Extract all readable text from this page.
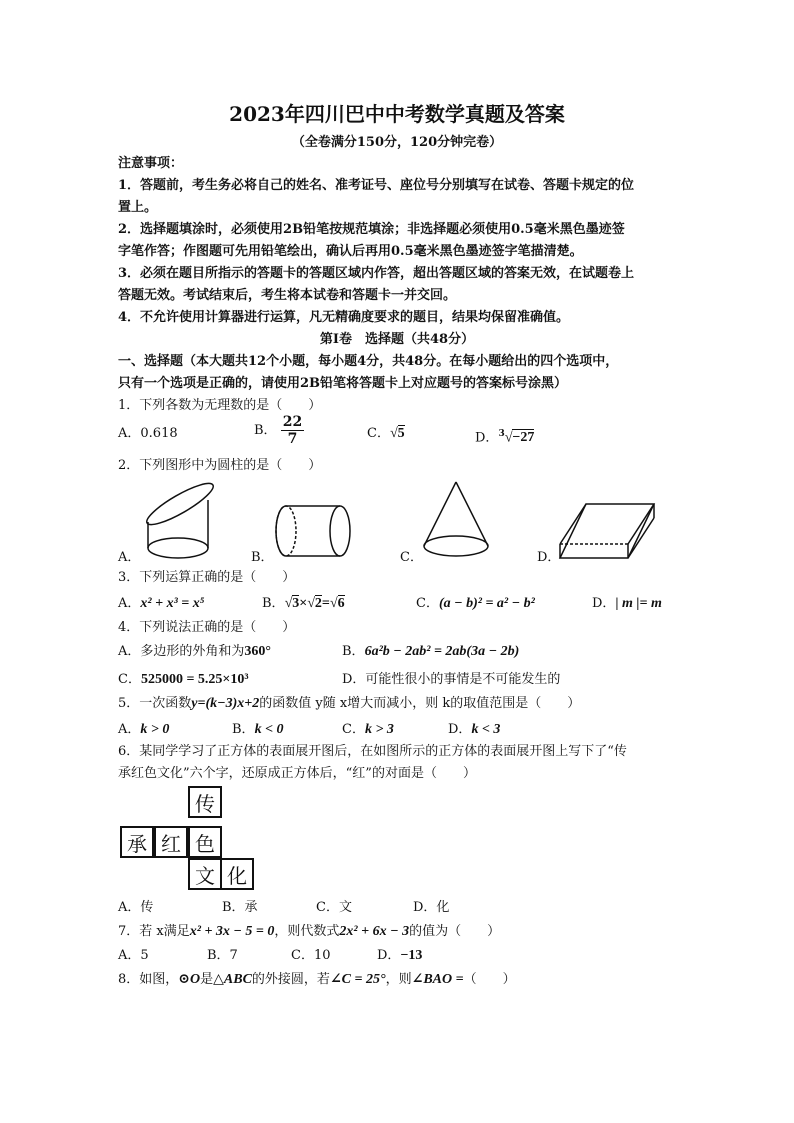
2023年四川巴中中考数学真题及答案
（全卷满分150分，120分钟完卷）
注意事项：
1．答题前，考生务必将自己的姓名、准考证号、座位号分别填写在试卷、答题卡规定的位
置上。
2．选择题填涂时，必须使用2B铅笔按规范填涂；非选择题必须使用0.5毫米黑色墨迹签
字笔作答；作图题可先用铅笔绘出，确认后再用0.5毫米黑色墨迹签字笔描清楚。
3．必须在题目所指示的答题卡的答题区域内作答，超出答题区域的答案无效，在试题卷上
答题无效。考试结束后，考生将本试卷和答题卡一并交回。
4．不允许使用计算器进行运算，凡无精确度要求的题目，结果均保留准确值。
第Ⅰ卷　选择题（共48分）
一、选择题（本大题共12个小题，每小题4分，共48分。在每小题给出的四个选项中，
只有一个选项是正确的，请使用2B铅笔将答题卡上对应题号的答案标号涂黑）
1．下列各数为无理数的是（　　）
A．0.618	B． $\frac{22}{7}$	C．√5	D．$^3$√−27
2．下列图形中为圆柱的是（　　）
A．	B．	C．	D．
3．下列运算正确的是（　　）
A．x² + x³ = x⁵	B．√3×√2=√6	C．(a − b)² = a² − b²	D．| m |= m
4．下列说法正确的是（　　）
A．多边形的外角和为360°	B．6a²b − 2ab² = 2ab(3a − 2b)
C．525000 = 5.25×10³	D．可能性很小的事情是不可能发生的
5．一次函数y=(k−3)x+2的函数值 y随 x增大而减小，则 k的取值范围是（　　）
A．k > 0	B．k < 0	C．k > 3	D．k < 3
6．某同学学习了正方体的表面展开图后，在如图所示的正方体的表面展开图上写下了“传
承红色文化”六个字，还原成正方体后，“红”的对面是（　　）
传
承 红 色
文 化
A．传	B．承	C．文	D．化
7．若 x满足x² + 3x − 5 = 0，则代数式2x² + 6x − 3的值为（　　）
A．5	B．7	C．10	D．−13
8．如图，⊙O是△ABC的外接圆，若∠C = 25°，则∠BAO =（　　）
